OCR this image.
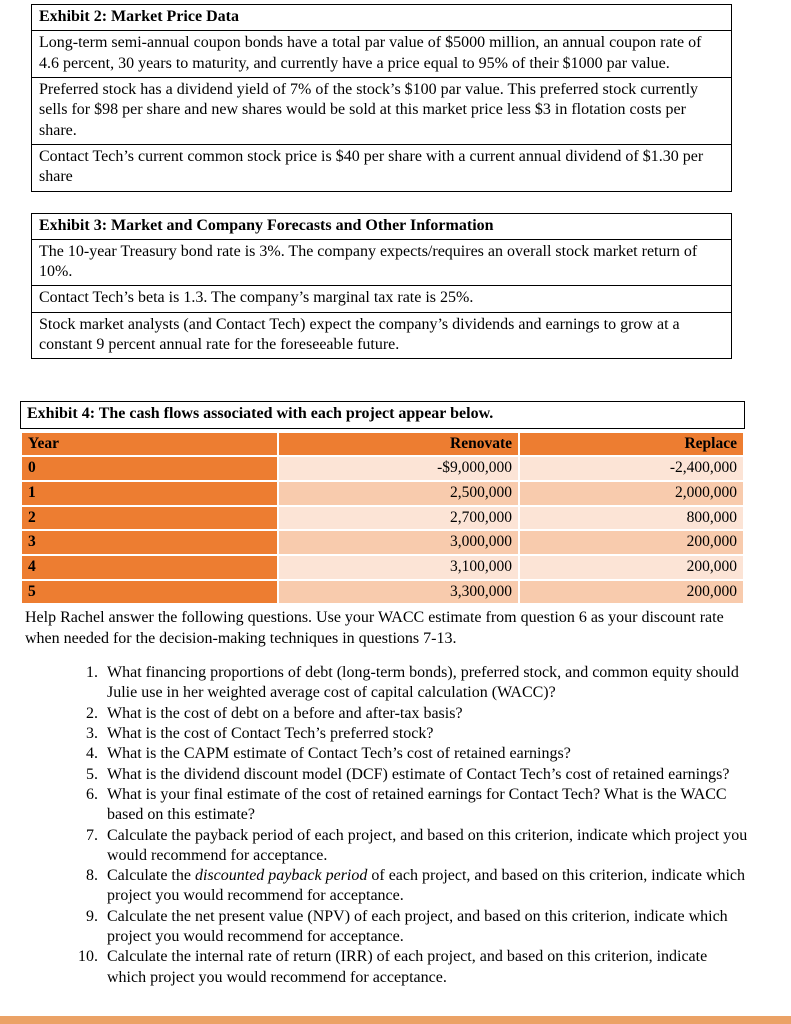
Exhibit 2: Market Price Data
Long-term semi-annual coupon bonds have a total par value of $5000 million, an annual coupon rate of 4.6 percent, 30 years to maturity, and currently have a price equal to 95% of their $1000 par value.
Preferred stock has a dividend yield of 7% of the stock’s $100 par value. This preferred stock currently sells for $98 per share and new shares would be sold at this market price less $3 in flotation costs per share.
Contact Tech’s current common stock price is $40 per share with a current annual dividend of $1.30 per share
Exhibit 3: Market and Company Forecasts and Other Information
The 10-year Treasury bond rate is 3%. The company expects/requires an overall stock market return of 10%.
Contact Tech’s beta is 1.3. The company’s marginal tax rate is 25%.
Stock market analysts (and Contact Tech) expect the company’s dividends and earnings to grow at a constant 9 percent annual rate for the foreseeable future.
Exhibit 4: The cash flows associated with each project appear below.
Year	Renovate	Replace
0	-$9,000,000	-2,400,000
1	2,500,000	2,000,000
2	2,700,000	800,000
3	3,000,000	200,000
4	3,100,000	200,000
5	3,300,000	200,000

Help Rachel answer the following questions. Use your WACC estimate from question 6 as your discount rate when needed for the decision-making techniques in questions 7-13.

1. What financing proportions of debt (long-term bonds), preferred stock, and common equity should Julie use in her weighted average cost of capital calculation (WACC)?
2. What is the cost of debt on a before and after-tax basis?
3. What is the cost of Contact Tech’s preferred stock?
4. What is the CAPM estimate of Contact Tech’s cost of retained earnings?
5. What is the dividend discount model (DCF) estimate of Contact Tech’s cost of retained earnings?
6. What is your final estimate of the cost of retained earnings for Contact Tech? What is the WACC based on this estimate?
7. Calculate the payback period of each project, and based on this criterion, indicate which project you would recommend for acceptance.
8. Calculate the discounted payback period of each project, and based on this criterion, indicate which project you would recommend for acceptance.
9. Calculate the net present value (NPV) of each project, and based on this criterion, indicate which project you would recommend for acceptance.
10. Calculate the internal rate of return (IRR) of each project, and based on this criterion, indicate which project you would recommend for acceptance.
